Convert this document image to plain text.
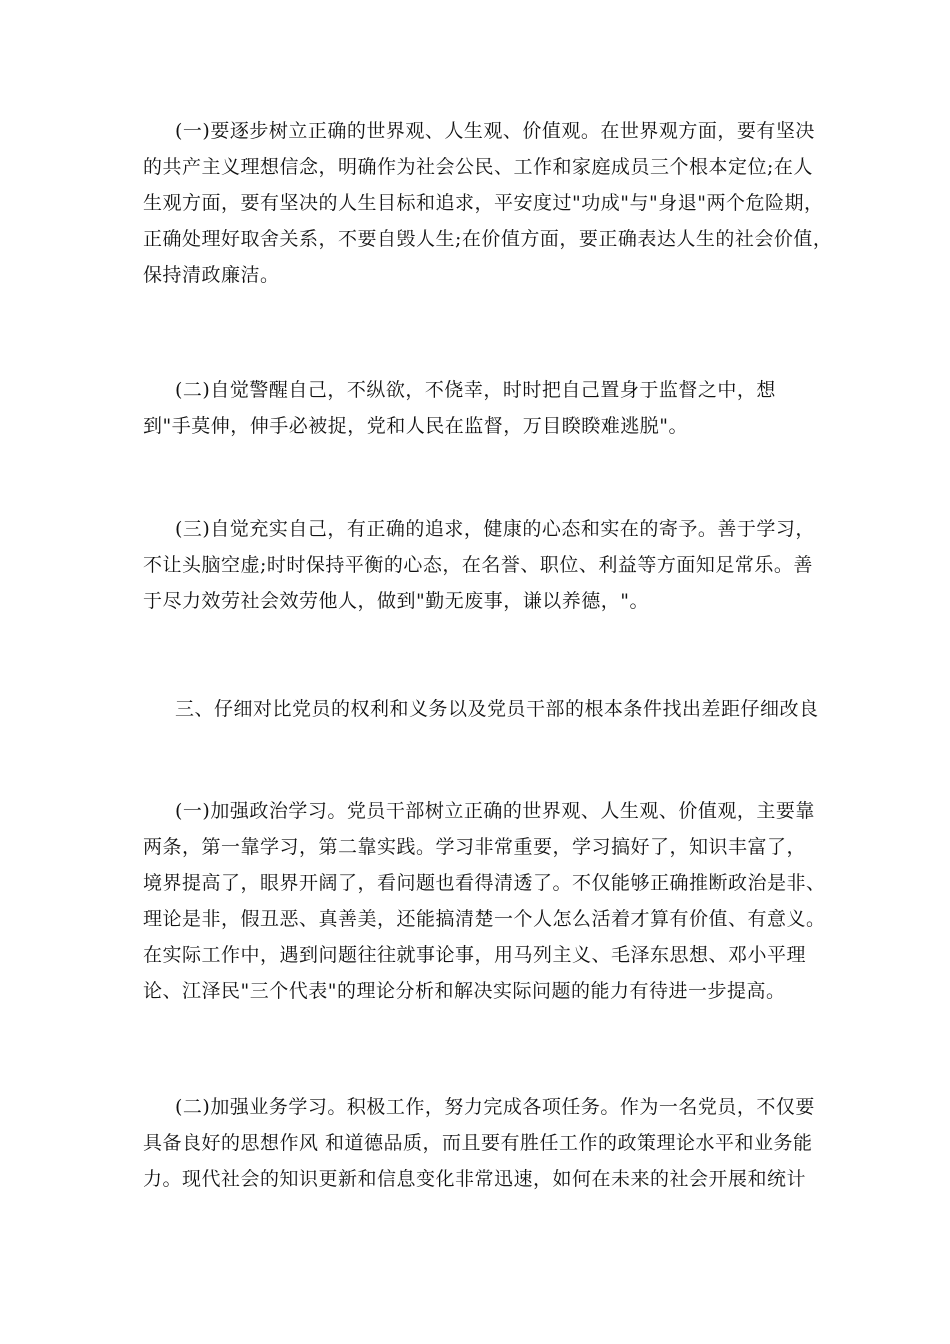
(一)要逐步树立正确的世界观、人生观、价值观。在世界观方面，要有坚决
的共产主义理想信念，明确作为社会公民、工作和家庭成员三个根本定位;在人
生观方面，要有坚决的人生目标和追求，平安度过"功成"与"身退"两个危险期，
正确处理好取舍关系，不要自毁人生;在价值方面，要正确表达人生的社会价值，
保持清政廉洁。
(二)自觉警醒自己，不纵欲，不侥幸，时时把自己置身于监督之中，想
到"手莫伸，伸手必被捉，党和人民在监督，万目睽睽难逃脱"。
(三)自觉充实自己，有正确的追求，健康的心态和实在的寄予。善于学习，
不让头脑空虚;时时保持平衡的心态，在名誉、职位、利益等方面知足常乐。善
于尽力效劳社会效劳他人，做到"勤无废事，谦以养德，"。
三、仔细对比党员的权利和义务以及党员干部的根本条件找出差距仔细改良
(一)加强政治学习。党员干部树立正确的世界观、人生观、价值观，主要靠
两条，第一靠学习，第二靠实践。学习非常重要，学习搞好了，知识丰富了，
境界提高了，眼界开阔了，看问题也看得清透了。不仅能够正确推断政治是非、
理论是非，假丑恶、真善美，还能搞清楚一个人怎么活着才算有价值、有意义。
在实际工作中，遇到问题往往就事论事，用马列主义、毛泽东思想、邓小平理
论、江泽民"三个代表"的理论分析和解决实际问题的能力有待进一步提高。
(二)加强业务学习。积极工作，努力完成各项任务。作为一名党员，不仅要
具备良好的思想作风 和道德品质，而且要有胜任工作的政策理论水平和业务能
力。现代社会的知识更新和信息变化非常迅速，如何在未来的社会开展和统计
